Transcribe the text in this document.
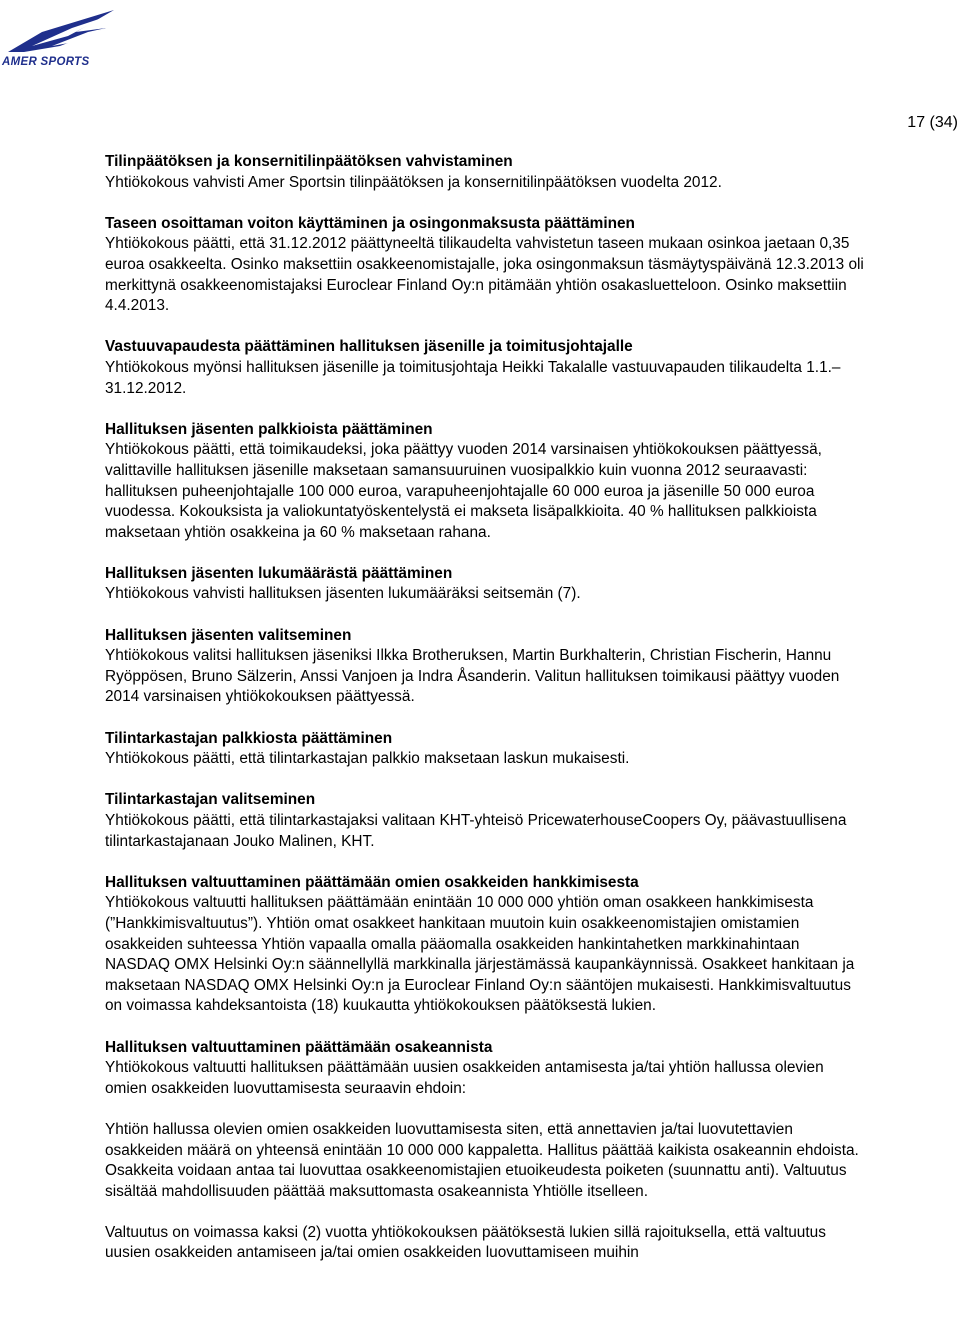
AMER SPORTS
17 (34)
Tilinpäätöksen ja konsernitilinpäätöksen vahvistaminen
Yhtiökokous vahvisti Amer Sportsin tilinpäätöksen ja konsernitilinpäätöksen vuodelta 2012.
Taseen osoittaman voiton käyttäminen ja osingonmaksusta päättäminen
Yhtiökokous päätti, että 31.12.2012 päättyneeltä tilikaudelta vahvistetun taseen mukaan osinkoa jaetaan 0,35 euroa osakkeelta. Osinko maksettiin osakkeenomistajalle, joka osingonmaksun täsmäytyspäivänä 12.3.2013 oli merkittynä osakkeenomistajaksi Euroclear Finland Oy:n pitämään yhtiön osakasluetteloon. Osinko maksettiin 4.4.2013.
Vastuuvapaudesta päättäminen hallituksen jäsenille ja toimitusjohtajalle
Yhtiökokous myönsi hallituksen jäsenille ja toimitusjohtaja Heikki Takalalle vastuuvapauden tilikaudelta 1.1.–31.12.2012.
Hallituksen jäsenten palkkioista päättäminen
Yhtiökokous päätti, että toimikaudeksi, joka päättyy vuoden 2014 varsinaisen yhtiökokouksen päättyessä, valittaville hallituksen jäsenille maksetaan samansuuruinen vuosipalkkio kuin vuonna 2012 seuraavasti: hallituksen puheenjohtajalle 100 000 euroa, varapuheenjohtajalle 60 000 euroa ja jäsenille 50 000 euroa vuodessa. Kokouksista ja valiokuntatyöskentelystä ei makseta lisäpalkkioita. 40 % hallituksen palkkioista maksetaan yhtiön osakkeina ja 60 % maksetaan rahana.
Hallituksen jäsenten lukumäärästä päättäminen
Yhtiökokous vahvisti hallituksen jäsenten lukumääräksi seitsemän (7).
Hallituksen jäsenten valitseminen
Yhtiökokous valitsi hallituksen jäseniksi Ilkka Brotheruksen, Martin Burkhalterin, Christian Fischerin, Hannu Ryöppösen, Bruno Sälzerin, Anssi Vanjoen ja Indra Åsanderin. Valitun hallituksen toimikausi päättyy vuoden 2014 varsinaisen yhtiökokouksen päättyessä.
Tilintarkastajan palkkiosta päättäminen
Yhtiökokous päätti, että tilintarkastajan palkkio maksetaan laskun mukaisesti.
Tilintarkastajan valitseminen
Yhtiökokous päätti, että tilintarkastajaksi valitaan KHT-yhteisö PricewaterhouseCoopers Oy, päävastuullisena tilintarkastajanaan Jouko Malinen, KHT.
Hallituksen valtuuttaminen päättämään omien osakkeiden hankkimisesta
Yhtiökokous valtuutti hallituksen päättämään enintään 10 000 000 yhtiön oman osakkeen hankkimisesta (”Hankkimisvaltuutus”). Yhtiön omat osakkeet hankitaan muutoin kuin osakkeenomistajien omistamien osakkeiden suhteessa Yhtiön vapaalla omalla pääomalla osakkeiden hankintahetken markkinahintaan NASDAQ OMX Helsinki Oy:n säännellyllä markkinalla järjestämässä kaupankäynnissä. Osakkeet hankitaan ja maksetaan NASDAQ OMX Helsinki Oy:n ja Euroclear Finland Oy:n sääntöjen mukaisesti. Hankkimisvaltuutus on voimassa kahdeksantoista (18) kuukautta yhtiökokouksen päätöksestä lukien.
Hallituksen valtuuttaminen päättämään osakeannista
Yhtiökokous valtuutti hallituksen päättämään uusien osakkeiden antamisesta ja/tai yhtiön hallussa olevien omien osakkeiden luovuttamisesta seuraavin ehdoin:
Yhtiön hallussa olevien omien osakkeiden luovuttamisesta siten, että annettavien ja/tai luovutettavien osakkeiden määrä on yhteensä enintään 10 000 000 kappaletta. Hallitus päättää kaikista osakeannin ehdoista. Osakkeita voidaan antaa tai luovuttaa osakkeenomistajien etuoikeudesta poiketen (suunnattu anti). Valtuutus sisältää mahdollisuuden päättää maksuttomasta osakeannista Yhtiölle itselleen.
Valtuutus on voimassa kaksi (2) vuotta yhtiökokouksen päätöksestä lukien sillä rajoituksella, että valtuutus uusien osakkeiden antamiseen ja/tai omien osakkeiden luovuttamiseen muihin
